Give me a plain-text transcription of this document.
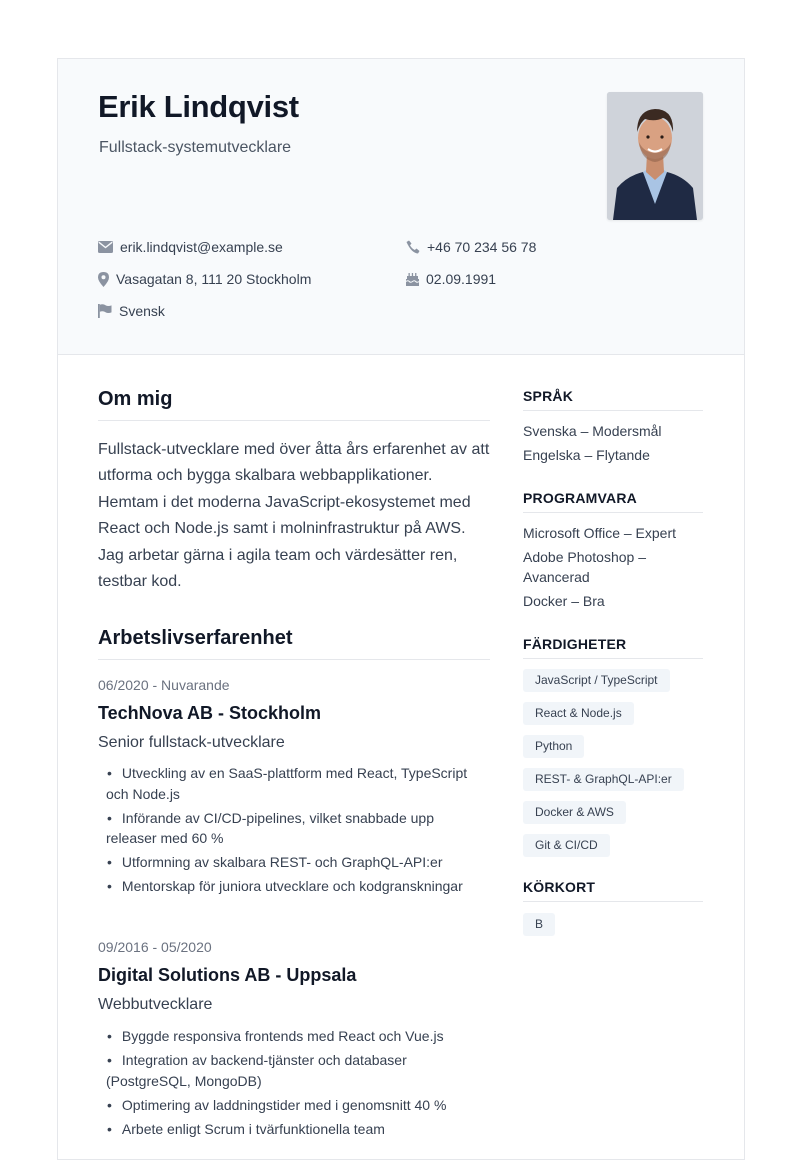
Erik Lindqvist
Fullstack-systemutvecklare
erik.lindqvist@example.se	+46 70 234 56 78
Vasagatan 8, 111 20 Stockholm	02.09.1991
Svensk
Om mig

Fullstack-utvecklare med över åtta års erfarenhet av att utforma och bygga skalbara webbapplikationer. Hemtam i det moderna JavaScript-ekosystemet med React och Node.js samt i molninfrastruktur på AWS. Jag arbetar gärna i agila team och värdesätter ren, testbar kod.

Arbetslivserfarenhet
06/2020 - Nuvarande
TechNova AB - Stockholm
Senior fullstack-utvecklare
• Utveckling av en SaaS-plattform med React, TypeScript och Node.js
• Införande av CI/CD-pipelines, vilket snabbade upp releaser med 60 %
• Utformning av skalbara REST- och GraphQL-API:er
• Mentorskap för juniora utvecklare och kodgranskningar
09/2016 - 05/2020
Digital Solutions AB - Uppsala
Webbutvecklare
• Byggde responsiva frontends med React och Vue.js
• Integration av backend-tjänster och databaser (PostgreSQL, MongoDB)
• Optimering av laddningstider med i genomsnitt 40 %
• Arbete enligt Scrum i tvärfunktionella team
SPRÅK
Svenska – Modersmål
Engelska – Flytande
PROGRAMVARA
Microsoft Office – Expert
Adobe Photoshop – Avancerad
Docker – Bra
FÄRDIGHETER
JavaScript / TypeScript
React & Node.js
Python
REST- & GraphQL-API:er
Docker & AWS
Git & CI/CD
KÖRKORT
B
